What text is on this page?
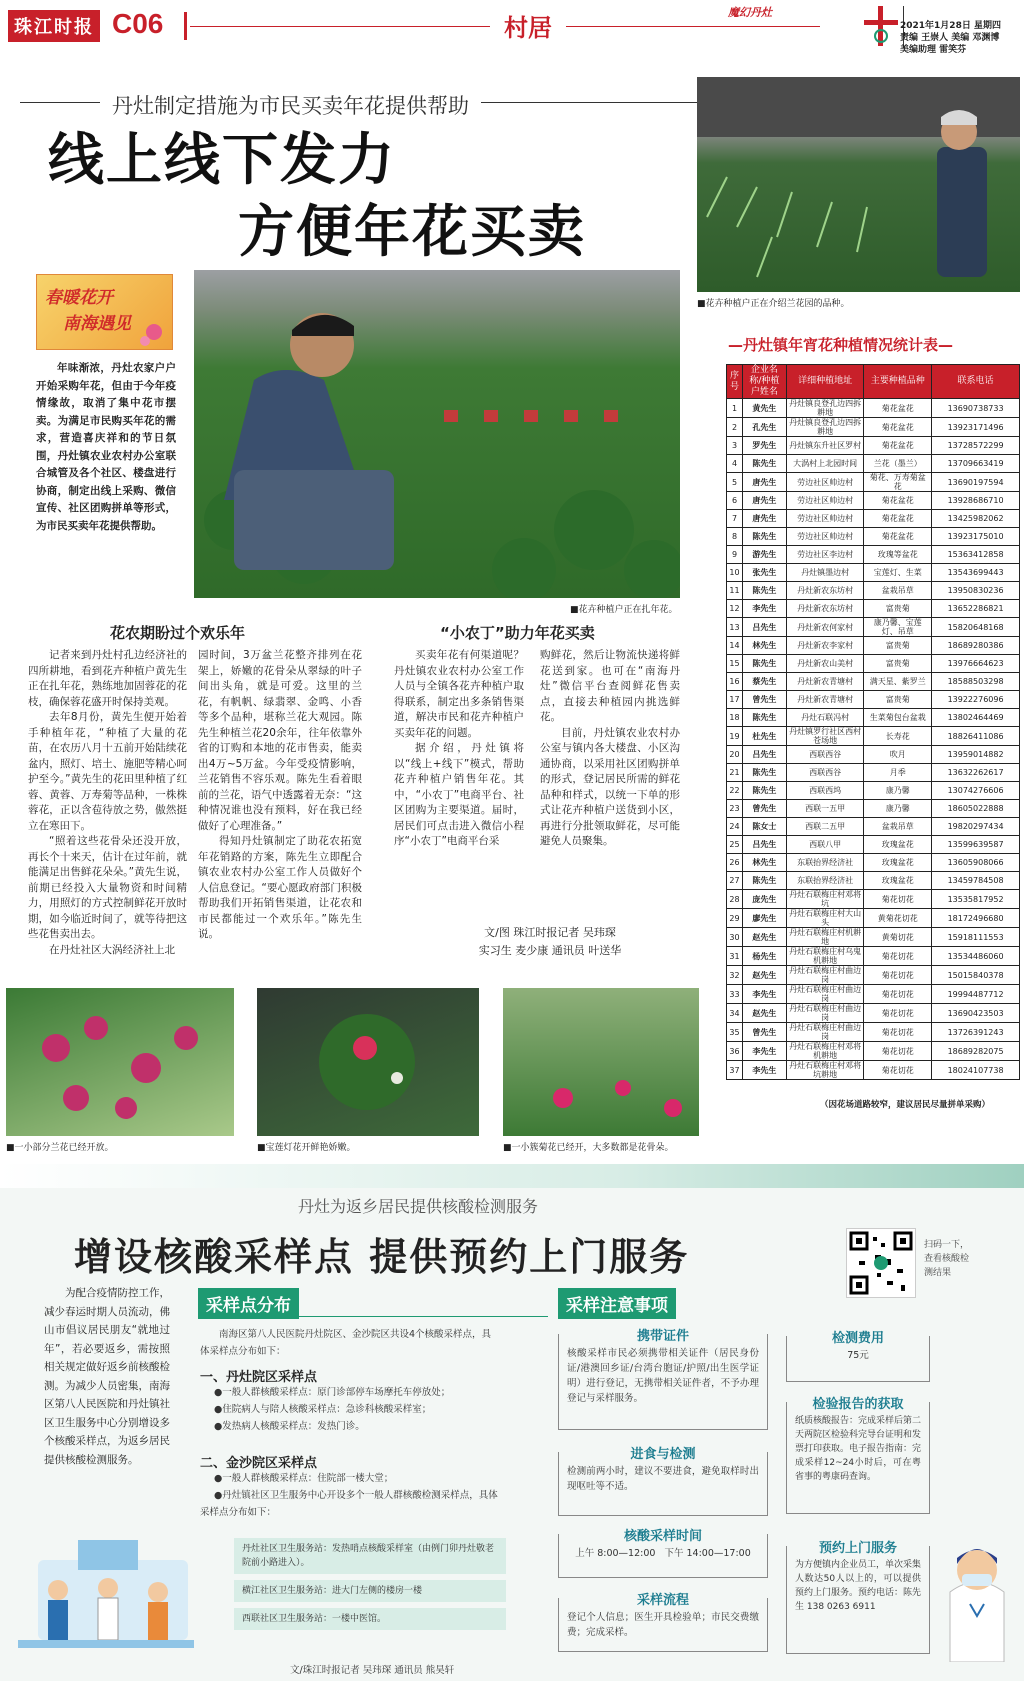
珠江时报 C06	村居
魔幻丹灶
2021年1月28日 星期四
责编 王崇人 美编 邓渊博
美编助理 雷笑芬
丹灶制定措施为市民买卖年花提供帮助
线上线下发力
方便年花买卖
■花卉种植户正在介绍兰花园的品种。
春暖花开
南海遇见

年味渐浓，丹灶农家户户开始采购年花，但由于今年疫情缘故，取消了集中花市摆卖。为满足市民购买年花的需求，营造喜庆祥和的节日氛围，丹灶镇农业农村办公室联合城管及各个社区、楼盘进行协商，制定出线上采购、微信宣传、社区团购拼单等形式，为市民买卖年花提供帮助。

■花卉种植户正在扎年花。
花农期盼过个欢乐年

记者来到丹灶村孔边经济社的四所耕地，看到花卉种植户黄先生正在扎年花，熟练地加固蓉花的花枝，确保蓉花盛开时保持美观。

去年8月份，黄先生便开始着手种植年花，“种植了大量的花苗，在农历八月十五前开始陆续花盆内，照灯、培土、施肥等精心呵护至今。”黄先生的花田里种植了红蓉、黄蓉、万寿菊等品种，一株株蓉花，正以含苞待放之势，傲然挺立在寒田下。

“照着这些花骨朵还没开放，再长个十来天，估计在过年前，就能满足出售鲜花朵朵。”黄先生说，前期已经投入大量物资和时间精力，用照灯的方式控制鲜花开放时期，如今临近时间了，就等待把这些花售卖出去。

在丹灶社区大涡经济社上北

园时间，3万盆兰花整齐排列在花架上，娇嫩的花骨朵从翠绿的叶子间出头角，就是可爱。这里的兰花，有帆帆、绿翡翠、金鸣、小香等多个品种，堪称兰花大观园。陈先生种植兰花20余年，往年依靠外省的订购和本地的花市售卖，能卖出4万~5万盆。今年受疫情影响，兰花销售不容乐观。陈先生看着眼前的兰花，语气中透露着无奈：“这种情况谁也没有预料，好在我已经做好了心理准备。”

得知丹灶镇制定了助花农拓宽年花销路的方案，陈先生立即配合镇农业农村办公室工作人员做好个人信息登记。“要心愿政府部门积极帮助我们开拓销售渠道，让花农和市民都能过一个欢乐年。”陈先生说。

“小农丁”助力年花买卖

买卖年花有何渠道呢？丹灶镇农业农村办公室工作人员与全镇各花卉种植户取得联系，制定出多条销售渠道，解决市民和花卉种植户买卖年花的问题。

据介绍，丹灶镇将以“线上+线下”模式，帮助花卉种植户销售年花。其中，“小农丁”电商平台、社区团购为主要渠道。届时，居民们可点击进入微信小程序“小农丁”电商平台采

购鲜花，然后让物流快递将鲜花送到家。也可在“南海丹灶”微信平台查阅鲜花售卖点，直接去种植园内挑选鲜花。

目前，丹灶镇农业农村办公室与镇内各大楼盘、小区沟通协商，以采用社区团购拼单的形式，登记居民所需的鲜花品种和样式，以统一下单的形式让花卉种植户送货到小区，再进行分批领取鲜花，尽可能避免人员聚集。

文/图 珠江时报记者 吴玮琛
实习生 麦少康 通讯员 叶送华
■一小部分兰花已经开放。	■宝莲灯花开鲜艳娇嫩。	■一小簇菊花已经开，大多数都是花骨朵。
—丹灶镇年宵花种植情况统计表—
序号	企业名称/种植户姓名	详细种植地址	主要种植品种	联系电话
1	黄先生	丹灶镇良登孔边四拆耕地	菊花盆花	13690738733
2	孔先生	丹灶镇良登孔边四拆耕地	菊花盆花	13923171496
3	罗先生	丹灶镇东升社区罗村	菊花盆花	13728572299
4	陈先生	大涡村上北园时间	兰花（墨兰）	13709663419
5	唐先生	劳边社区帅边村	菊花、万寿菊盆花	13690197594
6	唐先生	劳边社区帅边村	菊花盆花	13928686710
7	唐先生	劳边社区帅边村	菊花盆花	13425982062
8	陈先生	劳边社区帅边村	菊花盆花	13923175010
9	游先生	劳边社区李边村	玫瑰等盆花	15363412858
10	张先生	丹灶镇墨边村	宝莲灯、生菜	13543699443
11	陈先生	丹灶新农东坊村	盆栽吊草	13950830236
12	李先生	丹灶新农东坊村	富贵菊	13652286821
13	吕先生	丹灶新农何家村	康乃馨、宝莲灯、吊草	15820648168
14	林先生	丹灶新农李家村	富贵菊	18689280386
15	陈先生	丹灶新农山美村	富贵菊	13976664623
16	蔡先生	丹灶新农青塘村	满天星、紫罗兰	18588503298
17	曾先生	丹灶新农青塘村	富贵菊	13922276096
18	陈先生	丹灶石联冯村	生菜菊包台盆栽	13802464469
19	杜先生	丹灶镇罗行社区西村苍场地	长寿花	18826411086
20	吕先生	西联西谷	吹月	13959014882
21	陈先生	西联西谷	月季	13632262617
22	陈先生	西联西坞	康乃馨	13074276606
23	曾先生	西联一五甲	康乃馨	18605022888
24	陈女士	西联二五甲	盆栽吊草	19820297434
25	吕先生	西联八甲	玫瑰盆花	13599639587
26	林先生	东联抬界经济社	玫瑰盆花	13605908066
27	陈先生	东联抬界经济社	玫瑰盆花	13459784508
28	庞先生	丹灶石联梅庄村邓将坑	菊花切花	13535817952
29	廖先生	丹灶石联梅庄村大山头	黄菊花切花	18172496680
30	赵先生	丹灶石联梅庄村机耕地	黄菊切花	15918111553
31	杨先生	丹灶石联梅庄村乌鬼机耕地	菊花切花	13534486060
32	赵先生	丹灶石联梅庄村曲边岗	菊花切花	15015840378
33	李先生	丹灶石联梅庄村曲边岗	菊花切花	19994487712
34	赵先生	丹灶石联梅庄村曲边岗	菊花切花	13690423503
35	曾先生	丹灶石联梅庄村曲边岗	菊花切花	13726391243
36	李先生	丹灶石联梅庄村邓将机耕地	菊花切花	18689282075
37	李先生	丹灶石联梅庄村邓将坑耕地	菊花切花	18024107738
（因花场道路较窄，建议居民尽量拼单采购）
丹灶为返乡居民提供核酸检测服务
增设核酸采样点 提供预约上门服务	扫码一下，
查看核酸检
测结果

为配合疫情防控工作，减少春运时期人员流动，佛山市倡议居民朋友“就地过年”，若必要返乡，需按照相关规定做好返乡前核酸检测。为减少人员密集，南海区第八人民医院和丹灶镇社区卫生服务中心分别增设多个核酸采样点，为返乡居民提供核酸检测服务。

采样点分布
南海区第八人民医院丹灶院区、金沙院区共设4个核酸采样点，具体采样点分布如下：
一、丹灶院区采样点
●一般人群核酸采样点：原门诊部停车场摩托车停放处；
●住院病人与陪人核酸采样点：急诊科核酸采样室；
●发热病人核酸采样点：发热门诊。
二、金沙院区采样点
●一般人群核酸采样点：住院部一楼大堂；
●丹灶镇社区卫生服务中心开设多个一般人群核酸检测采样点，具体采样点分布如下：
丹灶社区卫生服务站：发热哨点核酸采样室（由例门卯丹灶敬老院前小路进入）。
横江社区卫生服务站：进大门左侧的楼房一楼
西联社区卫生服务站：一楼中医馆。
采样注意事项
携带证件
核酸采样市民必须携带相关证件（居民身份证/港澳回乡证/台湾台胞证/护照/出生医学证明）进行登记，无携带相关证件者，不予办理登记与采样服务。
进食与检测
检测前两小时，建议不要进食，避免取样时出现呕吐等不适。
核酸采样时间
上午 8:00—12:00   下午 14:00—17:00
采样流程
登记个人信息；医生开具检验单；市民交费缴费；完成采样。
检测费用
75元
检验报告的获取
纸质核酸报告：完成采样后第二天两院区检验科完导台证明和发票打印获取。电子报告指南：完成采样12~24小时后，可在粤省事的粤康码查询。
预约上门服务
为方便镇内企业员工，单次采集人数达50人以上的，可以提供预约上门服务。预约电话：陈先生 138 0263 6911
文/珠江时报记者 吴玮琛 通讯员 熊昊轩
